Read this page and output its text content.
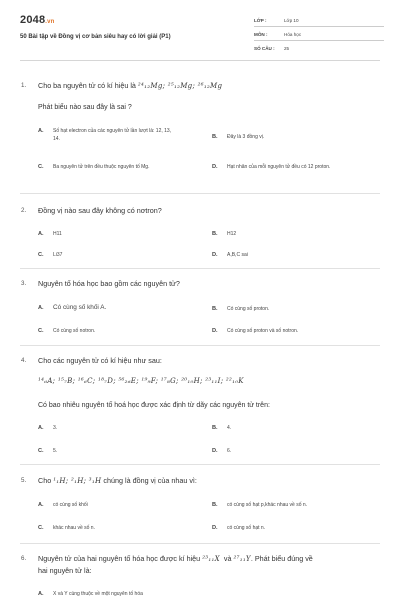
2048.vn
50 Bài tập về Đồng vị cơ bản siêu hay có lời giải (P1)
LỚP :	Lớp 10
MÔN :	Hóa học
SỐ CÂU : 25
1. Cho ba nguyên tử có kí hiệu là ²⁴₁₂Mg; ²⁵₁₂Mg; ²⁶₁₂Mg
Phát biểu nào sau đây là sai ?
A. Số hạt electron của các nguyên tử lần lượt là: 12, 13, 14.	B. Đây là 3 đồng vị.
C. Ba nguyên tử trên đều thuộc nguyên tố Mg.	D. Hạt nhân của mỗi nguyên tử đều có 12 proton.
2. Đồng vị nào sau đây không có nơtron?
A. H11	B. H12
C. Li37	D. A,B,C sai
3. Nguyên tố hóa học bao gồm các nguyên tử?
A. Có cùng số khối A.	B. Có cùng số proton.
C. Có cùng số notron.	D. Có cùng số proton và số notron.
4. Cho các nguyên tử có kí hiệu như sau:
¹⁴₆A; ¹⁵₇B; ¹⁶₆C; ¹⁸₇D; ⁵⁶₂₆E; ¹⁹₉F; ¹⁷₈G; ²⁰₁₀H; ²³₁₁I; ²²₁₀K
Có bao nhiêu nguyên tố hoá học được xác định từ dãy các nguyên tử trên:
A. 3.	B. 4.
C. 5.	D. 6.
5. Cho ¹₁H; ²₁H; ³₁H chúng là đồng vị của nhau vì:
A. có cùng số khối	B. có cùng số hạt p,khác nhau về số n.
C. khác nhau về số n.	D. có cùng số hạt n.
6. Nguyên tử của hai nguyên tố hóa học được kí hiệu ²³₁₁X và ²⁷₁₁Y. Phát biểu đúng về
hai nguyên tử là:
A. X và Y cùng thuộc về một nguyên tố hóa
